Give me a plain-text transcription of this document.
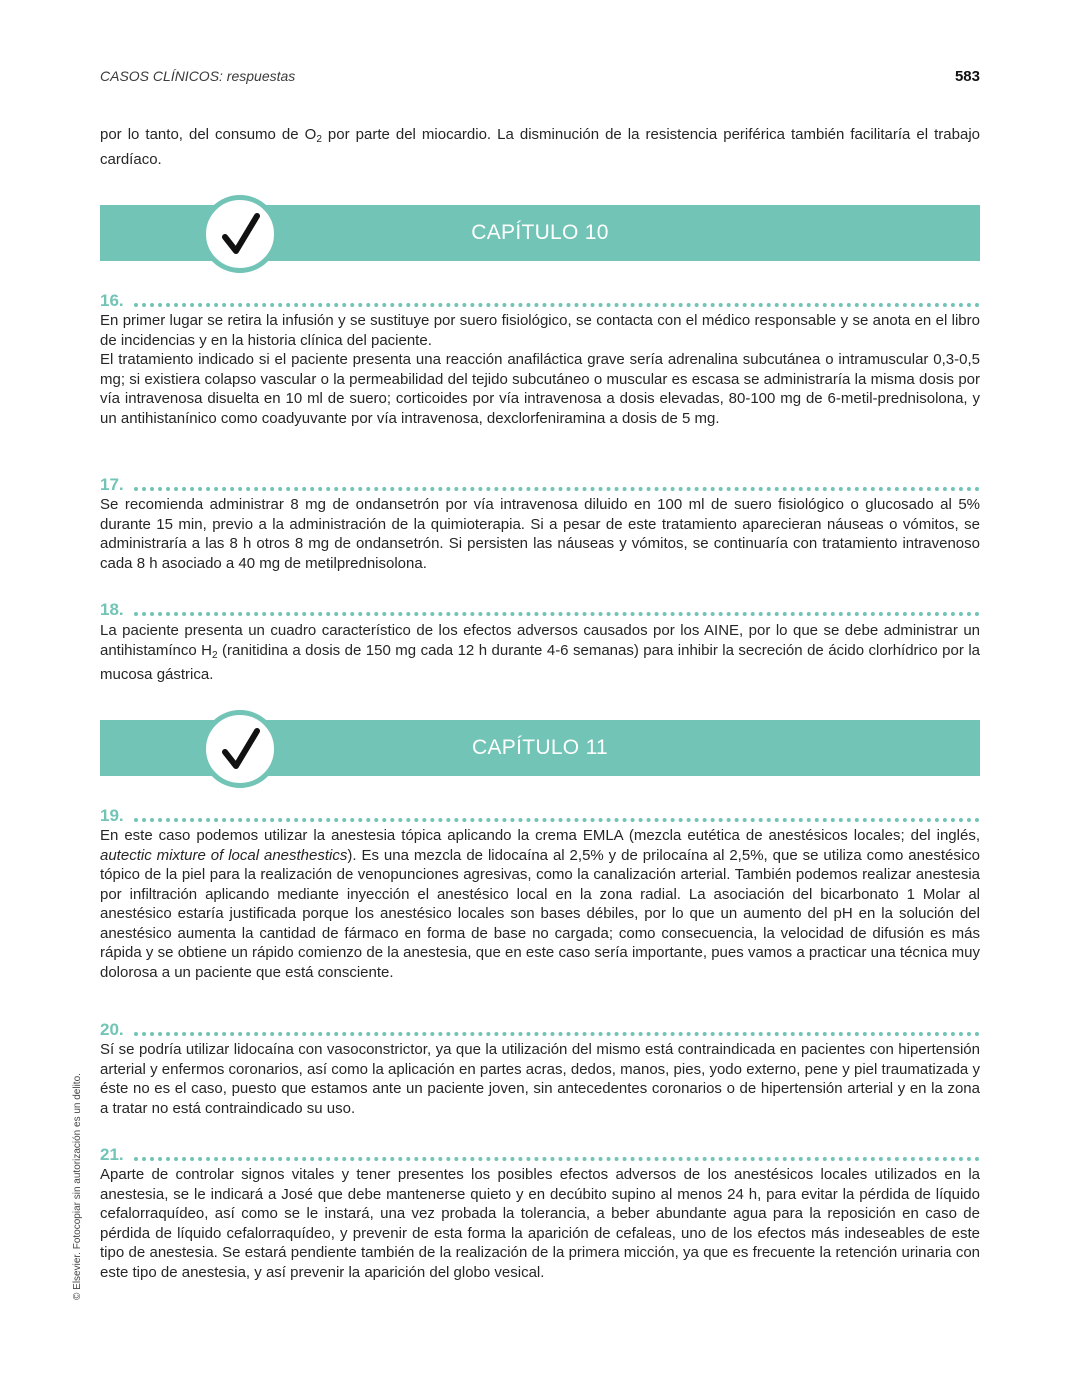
CASOS CLÍNICOS: respuestas	583

por lo tanto, del consumo de $O_2$ por parte del miocardio. La disminución de la resistencia periférica también facilitaría el trabajo cardíaco.

CAPÍTULO 10
16.

En primer lugar se retira la infusión y se sustituye por suero fisiológico, se contacta con el médico responsable y se anota en el libro de incidencias y en la historia clínica del paciente.

El tratamiento indicado si el paciente presenta una reacción anafiláctica grave sería adrenalina subcutánea o intramuscular 0,3-0,5 mg; si existiera colapso vascular o la permeabilidad del tejido subcutáneo o muscular es escasa se administraría la misma dosis por vía intravenosa disuelta en 10 ml de suero; corticoides por vía intravenosa a dosis elevadas, 80-100 mg de 6-metil-prednisolona, y un antihistanínico como coadyuvante por vía intravenosa, dexclorfeniramina a dosis de 5 mg.

17.

Se recomienda administrar 8 mg de ondansetrón por vía intravenosa diluido en 100 ml de suero fisiológico o glucosado al 5% durante 15 min, previo a la administración de la quimioterapia. Si a pesar de este tratamiento aparecieran náuseas o vómitos, se administraría a las 8 h otros 8 mg de ondansetrón. Si persisten las náuseas y vómitos, se continuaría con tratamiento intravenoso cada 8 h asociado a 40 mg de metilprednisolona.

18.

La paciente presenta un cuadro característico de los efectos adversos causados por los AINE, por lo que se debe administrar un antihistamínco $H_2$ (ranitidina a dosis de 150 mg cada 12 h durante 4-6 semanas) para inhibir la secreción de ácido clorhídrico por la mucosa gástrica.

CAPÍTULO 11
19.

En este caso podemos utilizar la anestesia tópica aplicando la crema EMLA (mezcla eutética de anestésicos locales; del inglés, autectic mixture of local anesthestics). Es una mezcla de lidocaína al 2,5% y de prilocaína al 2,5%, que se utiliza como anestésico tópico de la piel para la realización de venopunciones agresivas, como la canalización arterial. También podemos realizar anestesia por infiltración aplicando mediante inyección el anestésico local en la zona radial. La asociación del bicarbonato 1 Molar al anestésico estaría justificada porque los anestésico locales son bases débiles, por lo que un aumento del pH en la solución del anestésico aumenta la cantidad de fármaco en forma de base no cargada; como consecuencia, la velocidad de difusión es más rápida y se obtiene un rápido comienzo de la anestesia, que en este caso sería importante, pues vamos a practicar una técnica muy dolorosa a un paciente que está consciente.

20.

Sí se podría utilizar lidocaína con vasoconstrictor, ya que la utilización del mismo está contraindicada en pacientes con hipertensión arterial y enfermos coronarios, así como la aplicación en partes acras, dedos, manos, pies, yodo externo, pene y piel traumatizada y éste no es el caso, puesto que estamos ante un paciente joven, sin antecedentes coronarios o de hipertensión arterial y en la zona a tratar no está contraindicado su uso.

21.

Aparte de controlar signos vitales y tener presentes los posibles efectos adversos de los anestésicos locales utilizados en la anestesia, se le indicará a José que debe mantenerse quieto y en decúbito supino al menos 24 h, para evitar la pérdida de líquido cefalorraquídeo, así como se le instará, una vez probada la tolerancia, a beber abundante agua para la reposición en caso de pérdida de líquido cefalorraquídeo, y prevenir de esta forma la aparición de cefaleas, uno de los efectos más indeseables de este tipo de anestesia. Se estará pendiente también de la realización de la primera micción, ya que es frecuente la retención urinaria con este tipo de anestesia, y así prevenir la aparición del globo vesical.

© Elsevier. Fotocopiar sin autorización es un delito.
